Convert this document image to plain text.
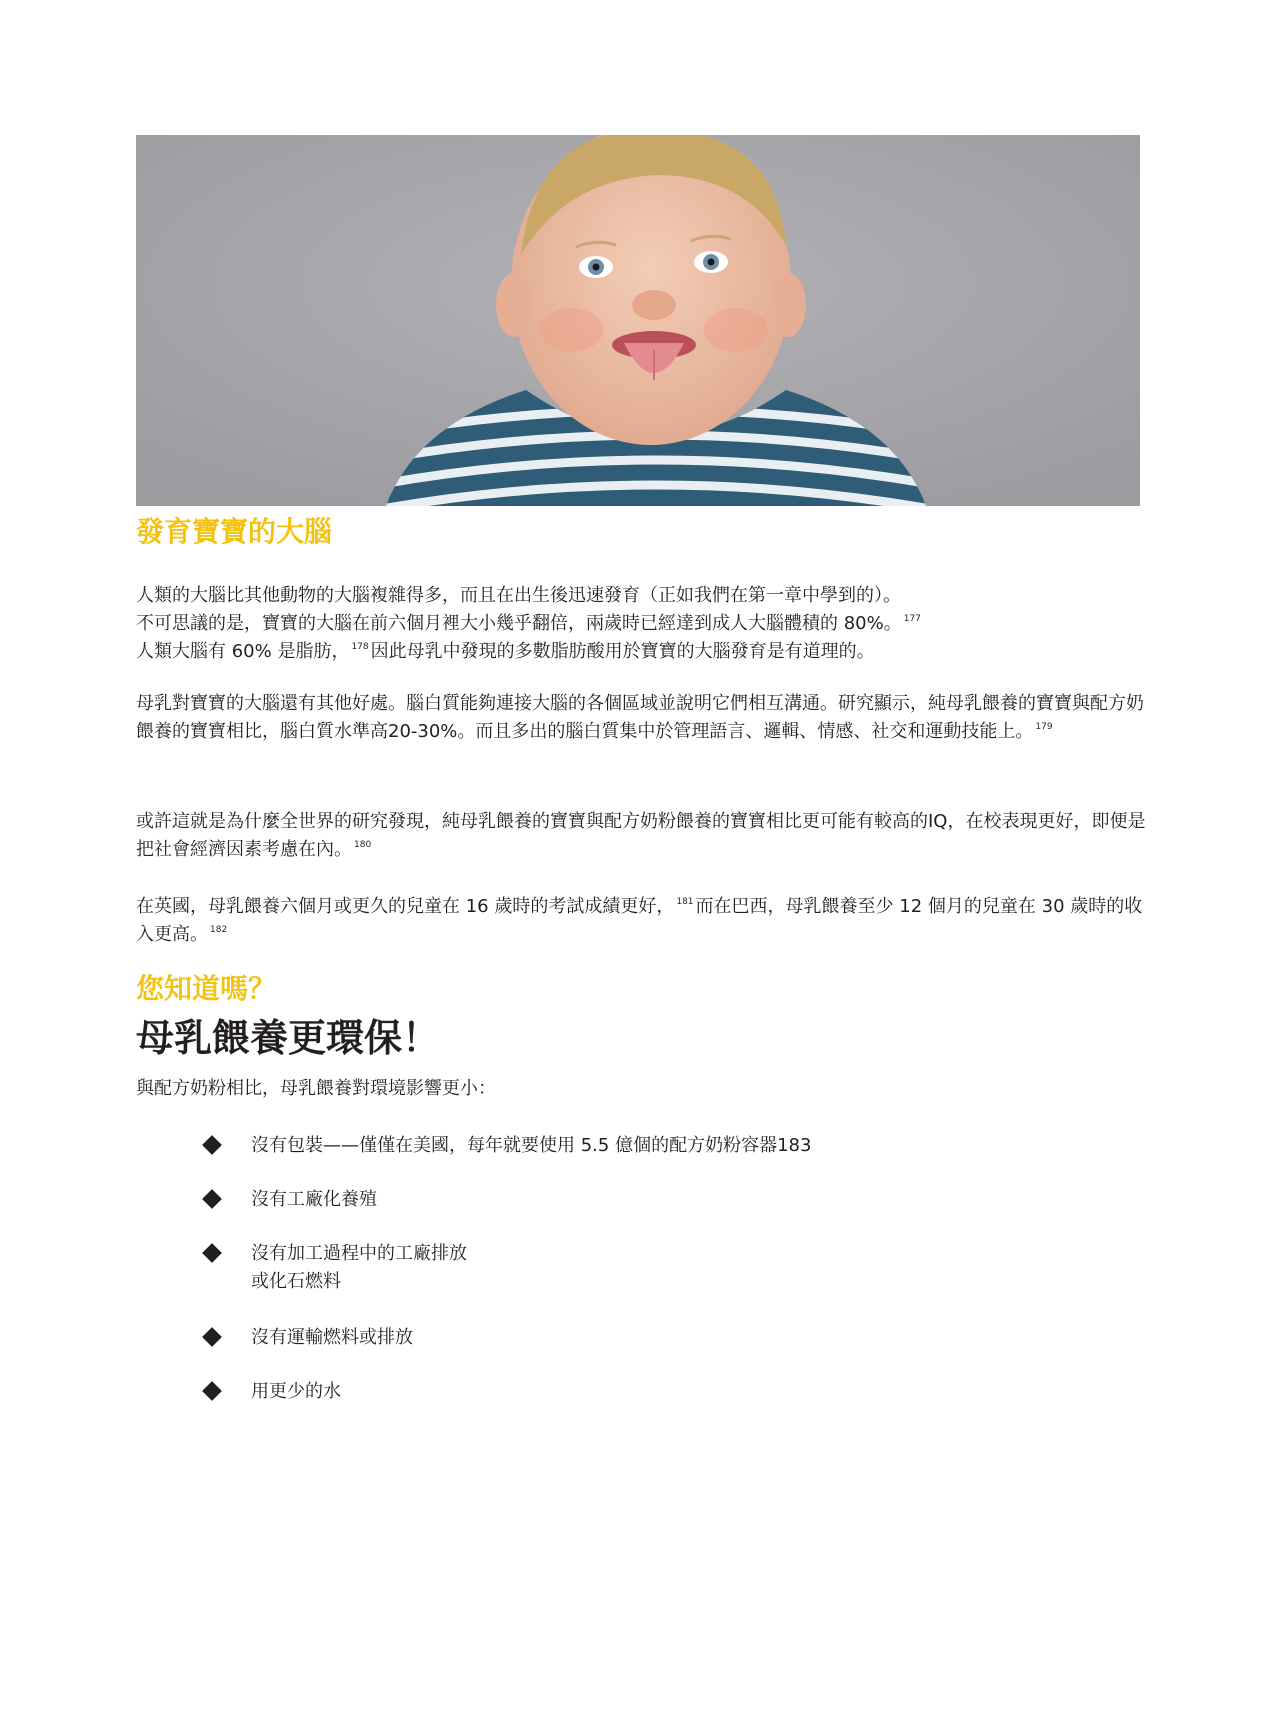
發育寶寶的大腦

人類的大腦比其他動物的大腦複雜得多，而且在出生後迅速發育（正如我們在第一章中學到的）。
不可思議的是，寶寶的大腦在前六個月裡大小幾乎翻倍，兩歲時已經達到成人大腦體積的 80%。 $^{177}$
人類大腦有 60% 是脂肪， $^{178}$ 因此母乳中發現的多數脂肪酸用於寶寶的大腦發育是有道理的。

母乳對寶寶的大腦還有其他好處。腦白質能夠連接大腦的各個區域並說明它們相互溝通。研究顯示，純母乳餵養的寶寶與配方奶餵養的寶寶相比，腦白質水準高20-30%。而且多出的腦白質集中於管理語言、邏輯、情感、社交和運動技能上。 $^{179}$

或許這就是為什麼全世界的研究發現，純母乳餵養的寶寶與配方奶粉餵養的寶寶相比更可能有較高的IQ，在校表現更好，即便是把社會經濟因素考慮在內。 $^{180}$

在英國，母乳餵養六個月或更久的兒童在 16 歲時的考試成績更好， $^{181}$ 而在巴西，母乳餵養至少 12 個月的兒童在 30 歲時的收入更高。 $^{182}$

您知道嗎？
母乳餵養更環保！

與配方奶粉相比，母乳餵養對環境影響更小：

沒有包裝——僅僅在美國，每年就要使用 5.5 億個的配方奶粉容器183
沒有工廠化養殖
沒有加工過程中的工廠排放
或化石燃料
沒有運輸燃料或排放
用更少的水
